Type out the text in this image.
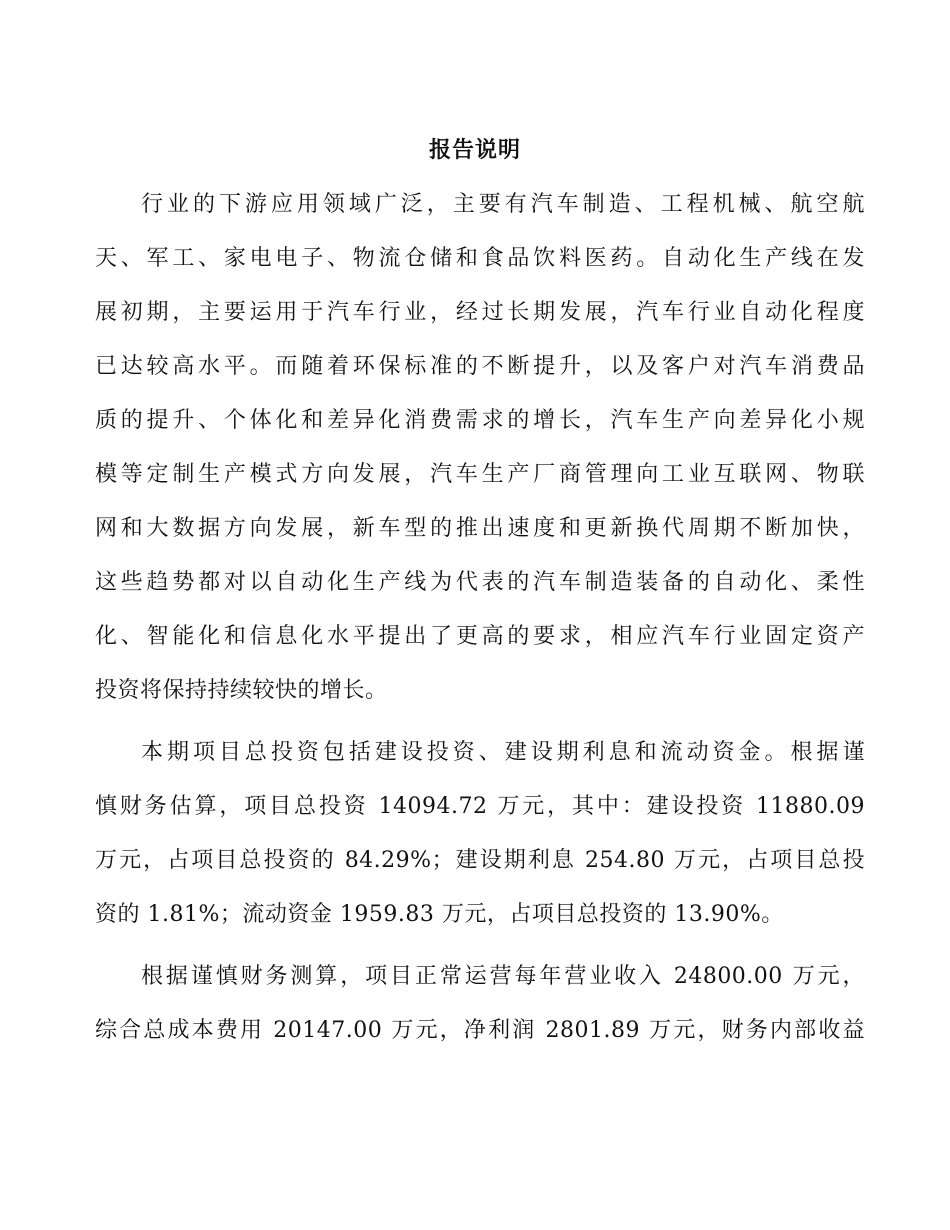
报告说明
行业的下游应用领域广泛，主要有汽车制造、工程机械、航空航
天、军工、家电电子、物流仓储和食品饮料医药。自动化生产线在发
展初期，主要运用于汽车行业，经过长期发展，汽车行业自动化程度
已达较高水平。而随着环保标准的不断提升，以及客户对汽车消费品
质的提升、个体化和差异化消费需求的增长，汽车生产向差异化小规
模等定制生产模式方向发展，汽车生产厂商管理向工业互联网、物联
网和大数据方向发展，新车型的推出速度和更新换代周期不断加快，
这些趋势都对以自动化生产线为代表的汽车制造装备的自动化、柔性
化、智能化和信息化水平提出了更高的要求，相应汽车行业固定资产
投资将保持持续较快的增长。
本期项目总投资包括建设投资、建设期利息和流动资金。根据谨
慎财务估算，项目总投资 14094.72 万元，其中：建设投资 11880.09
万元，占项目总投资的 84.29%；建设期利息 254.80 万元，占项目总投
资的 1.81%；流动资金 1959.83 万元，占项目总投资的 13.90%。
根据谨慎财务测算，项目正常运营每年营业收入 24800.00 万元，
综合总成本费用 20147.00 万元，净利润 2801.89 万元，财务内部收益
